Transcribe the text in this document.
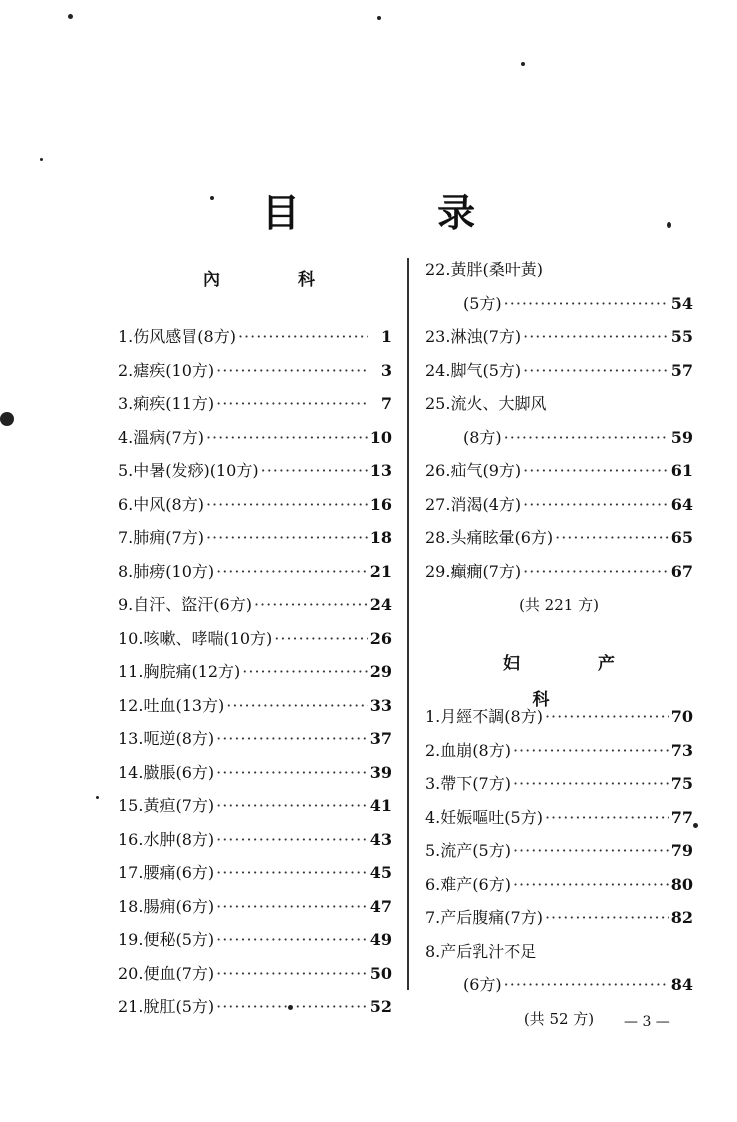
目 录
內 科
1.伤风感冒(8方) ·····	1
2.瘧疾(10方) ·····	3
3.痢疾(11方) ·····	7
4.溫病(7方) ·····	10
5.中暑(发痧)(10方) ·····	13
6.中风(8方) ·····	16
7.肺痈(7方) ·····	18
8.肺痨(10方) ·····	21
9.自汗、盜汗(6方) ·····	24
10.咳嗽、哮喘(10方) ·····	26
11.胸脘痛(12方) ·····	29
12.吐血(13方) ·····	33
13.呃逆(8方) ·····	37
14.臌脹(6方) ·····	39
15.黃疸(7方) ·····	41
16.水肿(8方) ·····	43
17.腰痛(6方) ·····	45
18.腸痈(6方) ·····	47
19.便秘(5方) ·····	49
20.便血(7方) ·····	50
21.脫肛(5方) ·····	52
22.黃胖(桑叶黃)
(5方) ·····	54
23.淋浊(7方) ·····	55
24.脚气(5方) ·····	57
25.流火、大脚风
(8方) ·····	59
26.疝气(9方) ·····	61
27.消渴(4方) ·····	64
28.头痛眩暈(6方) ·····	65
29.癲癇(7方) ·····	67
(共 221 方)
妇 产 科
1.月經不調(8方) ·····	70
2.血崩(8方) ·····	73
3.帶下(7方) ·····	75
4.妊娠嘔吐(5方) ·····	77
5.流产(5方) ·····	79
6.难产(6方) ·····	80
7.产后腹痛(7方) ·····	82
8.产后乳汁不足
(6方) ·····	84
(共 52 方)	— 3 —
